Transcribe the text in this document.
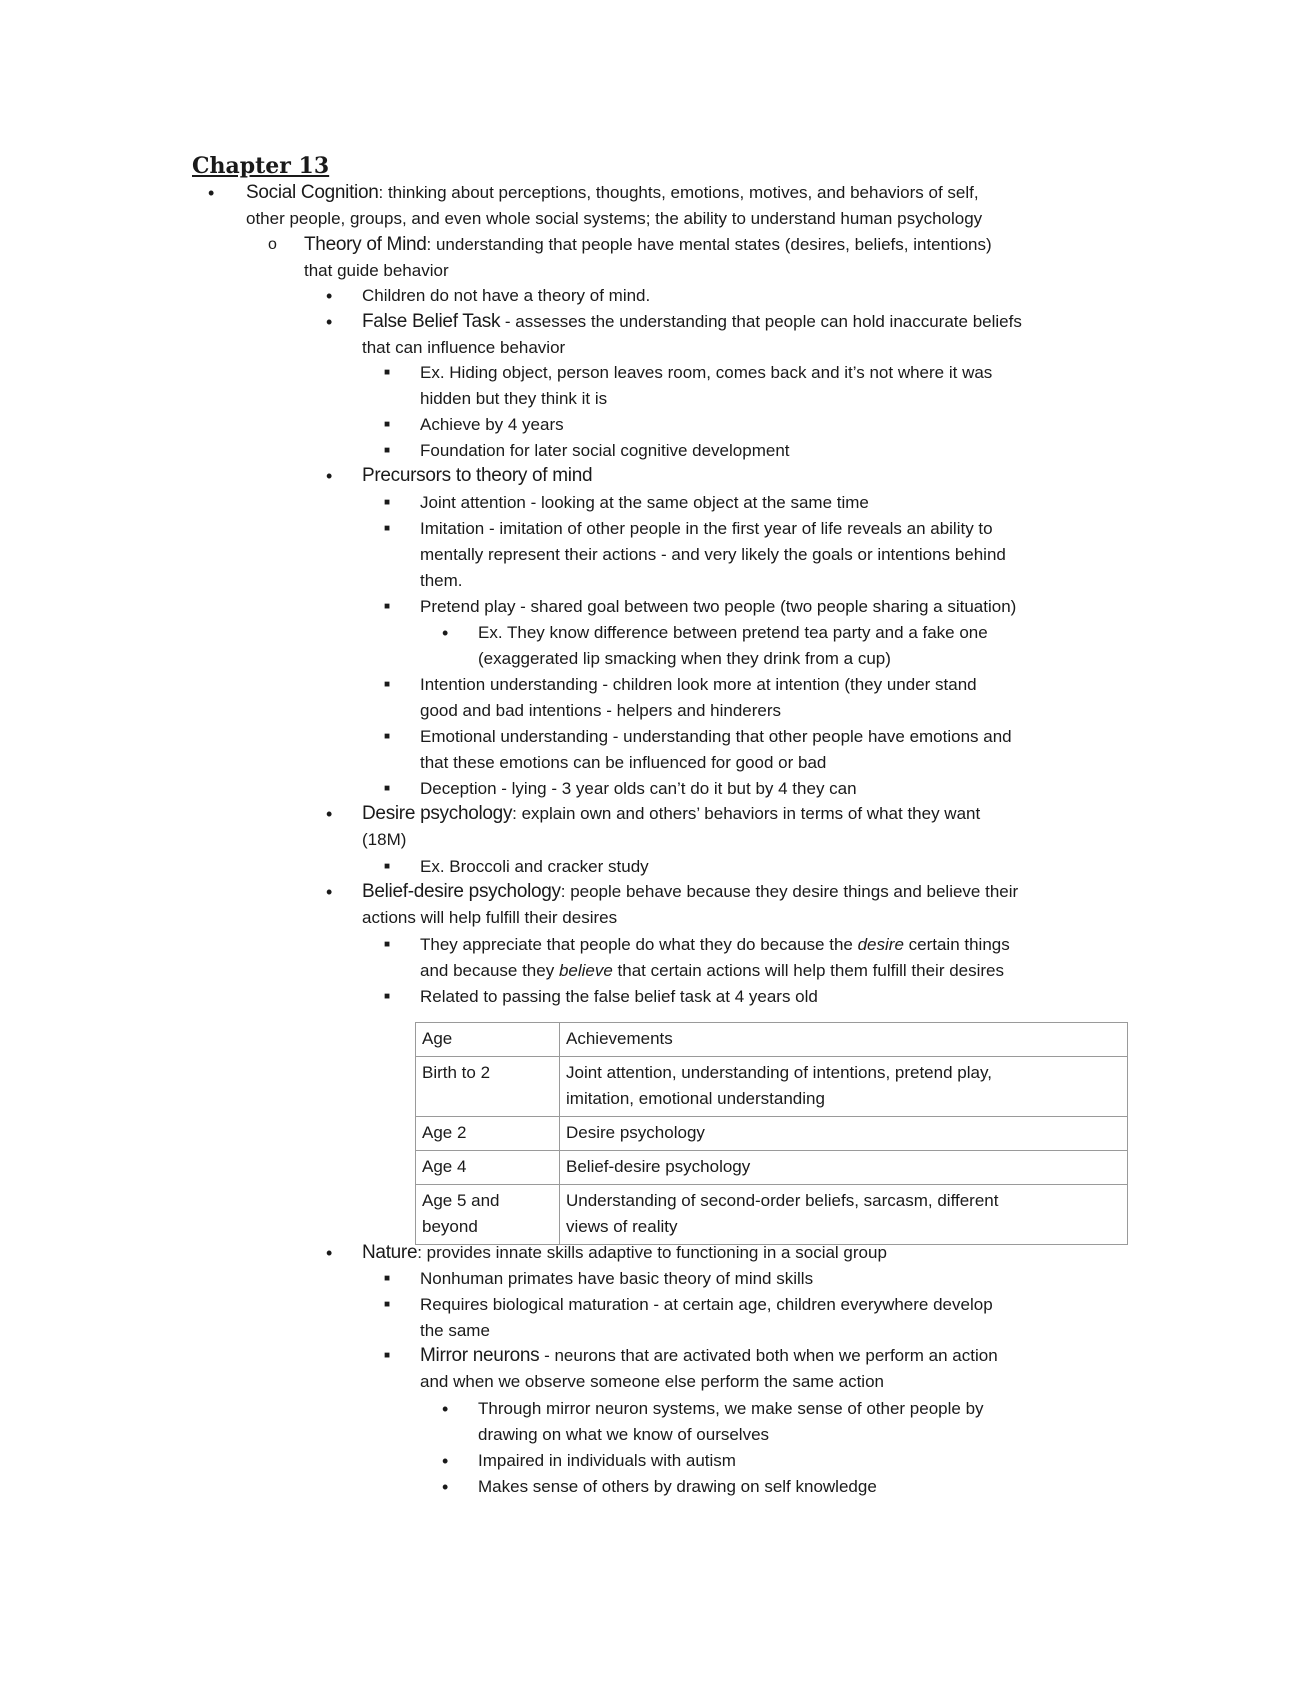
Chapter 13
•	Social Cognition: thinking about perceptions, thoughts, emotions, motives, and behaviors of self,
other people, groups, and even whole social systems; the ability to understand human psychology
o	Theory of Mind: understanding that people have mental states (desires, beliefs, intentions)
that guide behavior
•	Children do not have a theory of mind.
•	False Belief Task - assesses the understanding that people can hold inaccurate beliefs
that can influence behavior
■	Ex. Hiding object, person leaves room, comes back and it’s not where it was
hidden but they think it is
■	Achieve by 4 years
■	Foundation for later social cognitive development
•	Precursors to theory of mind
■	Joint attention - looking at the same object at the same time
■	Imitation - imitation of other people in the first year of life reveals an ability to
mentally represent their actions - and very likely the goals or intentions behind
them.
■	Pretend play - shared goal between two people (two people sharing a situation)
•	Ex. They know difference between pretend tea party and a fake one
(exaggerated lip smacking when they drink from a cup)
■	Intention understanding - children look more at intention (they under stand
good and bad intentions - helpers and hinderers
■	Emotional understanding - understanding that other people have emotions and
that these emotions can be influenced for good or bad
■	Deception - lying - 3 year olds can’t do it but by 4 they can
•	Desire psychology: explain own and others’ behaviors in terms of what they want
(18M)
■	Ex. Broccoli and cracker study
•	Belief-desire psychology: people behave because they desire things and believe their
actions will help fulfill their desires
■	They appreciate that people do what they do because the desire certain things
and because they believe that certain actions will help them fulfill their desires
■	Related to passing the false belief task at 4 years old
Age	Achievements
Birth to 2	Joint attention, understanding of intentions, pretend play,
imitation, emotional understanding
Age 2	Desire psychology
Age 4	Belief-desire psychology
Age 5 and
beyond	Understanding of second-order beliefs, sarcasm, different
views of reality
•	Nature: provides innate skills adaptive to functioning in a social group
■	Nonhuman primates have basic theory of mind skills
■	Requires biological maturation - at certain age, children everywhere develop
the same
■	Mirror neurons - neurons that are activated both when we perform an action
and when we observe someone else perform the same action
•	Through mirror neuron systems, we make sense of other people by
drawing on what we know of ourselves
•	Impaired in individuals with autism
•	Makes sense of others by drawing on self knowledge
